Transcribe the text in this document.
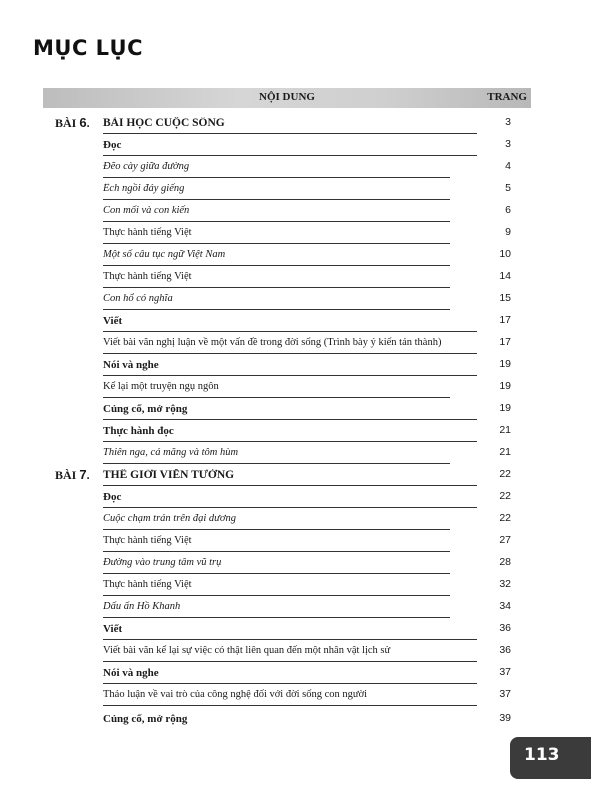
MỤC LỤC
NỘI DUNG	TRANG
BÀI 6. BÀI HỌC CUỘC SỐNG	3
Đọc	3
Đẽo cày giữa đường	4
Ếch ngồi đáy giếng	5
Con mối và con kiến	6
Thực hành tiếng Việt	9
Một số câu tục ngữ Việt Nam	10
Thực hành tiếng Việt	14
Con hổ có nghĩa	15
Viết	17
Viết bài văn nghị luận về một vấn đề trong đời sống (Trình bày ý kiến tán thành)	17
Nói và nghe	19
Kể lại một truyện ngụ ngôn	19
Củng cố, mở rộng	19
Thực hành đọc	21
Thiên nga, cá măng và tôm hùm	21
BÀI 7. THẾ GIỚI VIỄN TƯỞNG	22
Đọc	22
Cuộc chạm trán trên đại dương	22
Thực hành tiếng Việt	27
Đường vào trung tâm vũ trụ	28
Thực hành tiếng Việt	32
Dấu ấn Hồ Khanh	34
Viết	36
Viết bài văn kể lại sự việc có thật liên quan đến một nhân vật lịch sử	36
Nói và nghe	37
Thảo luận về vai trò của công nghệ đối với đời sống con người	37
Củng cố, mở rộng	39
113
